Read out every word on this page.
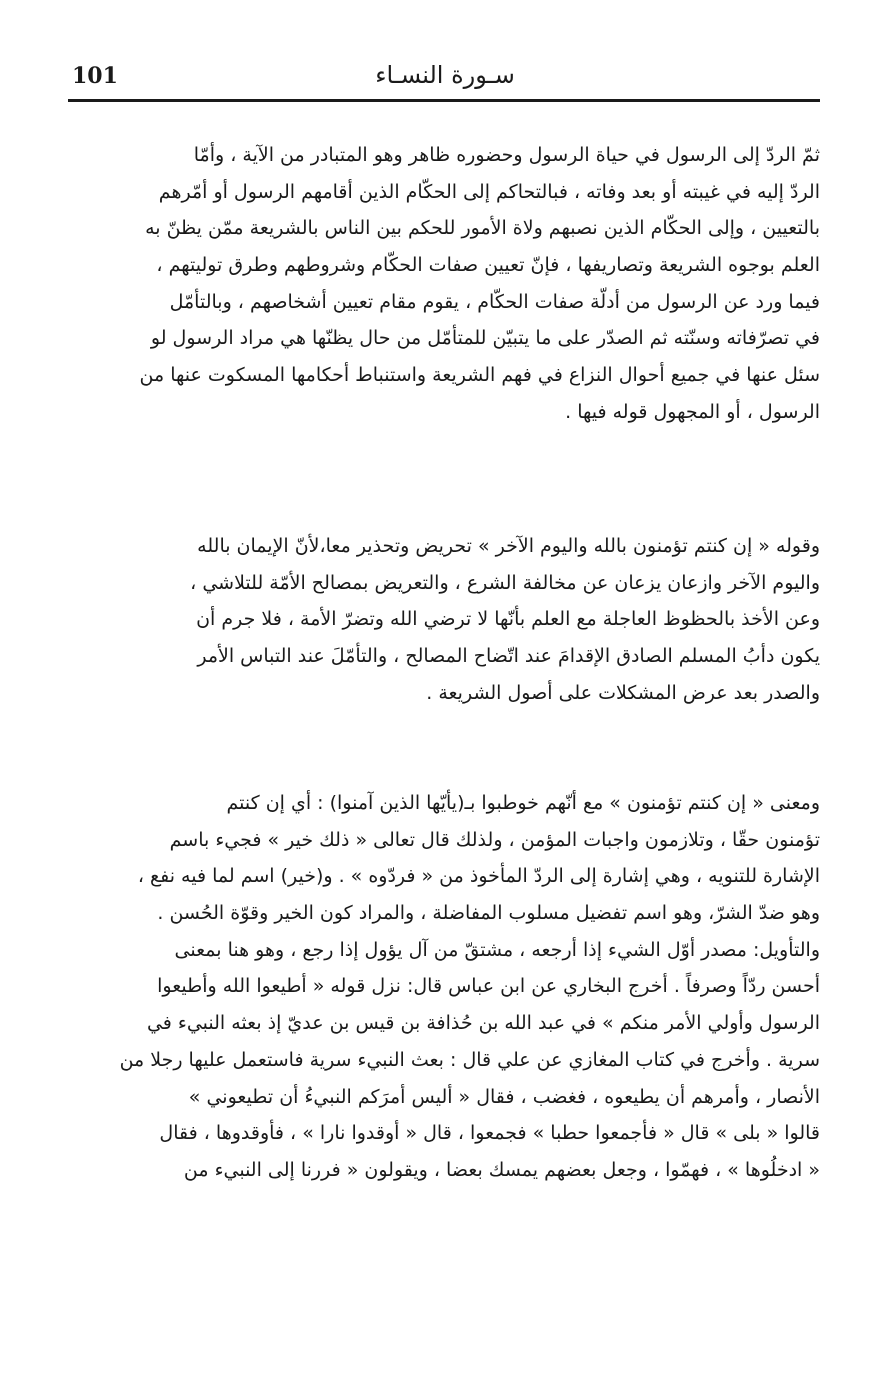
101	سـورة النسـاء
ثمّ الردّ إلى الرسول في حياة الرسول وحضوره ظاهر وهو المتبادر من الآية ، وأمّا
الردّ إليه في غيبته أو بعد وفاته ، فبالتحاكم إلى الحكّام الذين أقامهم الرسول أو أمّرهم
بالتعيين ، وإلى الحكّام الذين نصبهم ولاة الأمور للحكم بين الناس بالشريعة ممّن يظنّ به
العلم بوجوه الشريعة وتصاريفها ، فإنّ تعيين صفات الحكّام وشروطهم وطرق توليتهم ،
فيما ورد عن الرسول من أدلّة صفات الحكّام ، يقوم مقام تعيين أشخاصهم ، وبالتأمّل
في تصرّفاته وسنّته ثم الصدّر على ما يتبيّن للمتأمّل من حال يظنّها هي مراد الرسول لو
سئل عنها في جميع أحوال النزاع في فهم الشريعة واستنباط أحكامها المسكوت عنها من
الرسول ، أو المجهول قوله فيها .
وقوله « إن كنتم تؤمنون بالله واليوم الآخر » تحريض وتحذير معا،لأنّ الإيمان بالله
واليوم الآخر وازعان يزعان عن مخالفة الشرع ، والتعريض بمصالح الأمّة للتلاشي ،
وعن الأخذ بالحظوظ العاجلة مع العلم بأنّها لا ترضي الله وتضرّ الأمة ، فلا جرم أن
يكون دأبُ المسلم الصادق الإقدامَ عند اتّضاح المصالح ، والتأمّلَ عند التباس الأمر
والصدر بعد عرض المشكلات على أصول الشريعة .
ومعنى « إن كنتم تؤمنون » مع أنّهم خوطبوا بـ(يأيّها الذين آمنوا) : أي إن كنتم
تؤمنون حقّا ، وتلازمون واجبات المؤمن ، ولذلك قال تعالى « ذلك خير » فجيء باسم
الإشارة للتنويه ، وهي إشارة إلى الردّ المأخوذ من « فردّوه » . و(خير) اسم لما فيه نفع ،
وهو ضدّ الشرّ، وهو اسم تفضيل مسلوب المفاضلة ، والمراد كون الخير وقوّة الحُسن .
والتأويل: مصدر أوّل الشيء إذا أرجعه ، مشتقّ من آل يؤول إذا رجع ، وهو هنا بمعنى
أحسن ردّاً وصرفاً . أخرج البخاري عن ابن عباس قال: نزل قوله « أطيعوا الله وأطيعوا
الرسول وأولي الأمر منكم » في عبد الله بن حُذافة بن قيس بن عديّ إذ بعثه النبيء في
سرية . وأخرج في كتاب المغازي عن علي قال : بعث النبيء سرية فاستعمل عليها رجلا من
الأنصار ، وأمرهم أن يطيعوه ، فغضب ، فقال « أليس أمرَكم النبيءُ أن تطيعوني »
قالوا « بلى » قال « فأجمعوا حطبا » فجمعوا ، قال « أوقدوا نارا » ، فأوقدوها ، فقال
« ادخلُوها » ، فهمّوا ، وجعل بعضهم يمسك بعضا ، ويقولون « فررنا إلى النبيء من
